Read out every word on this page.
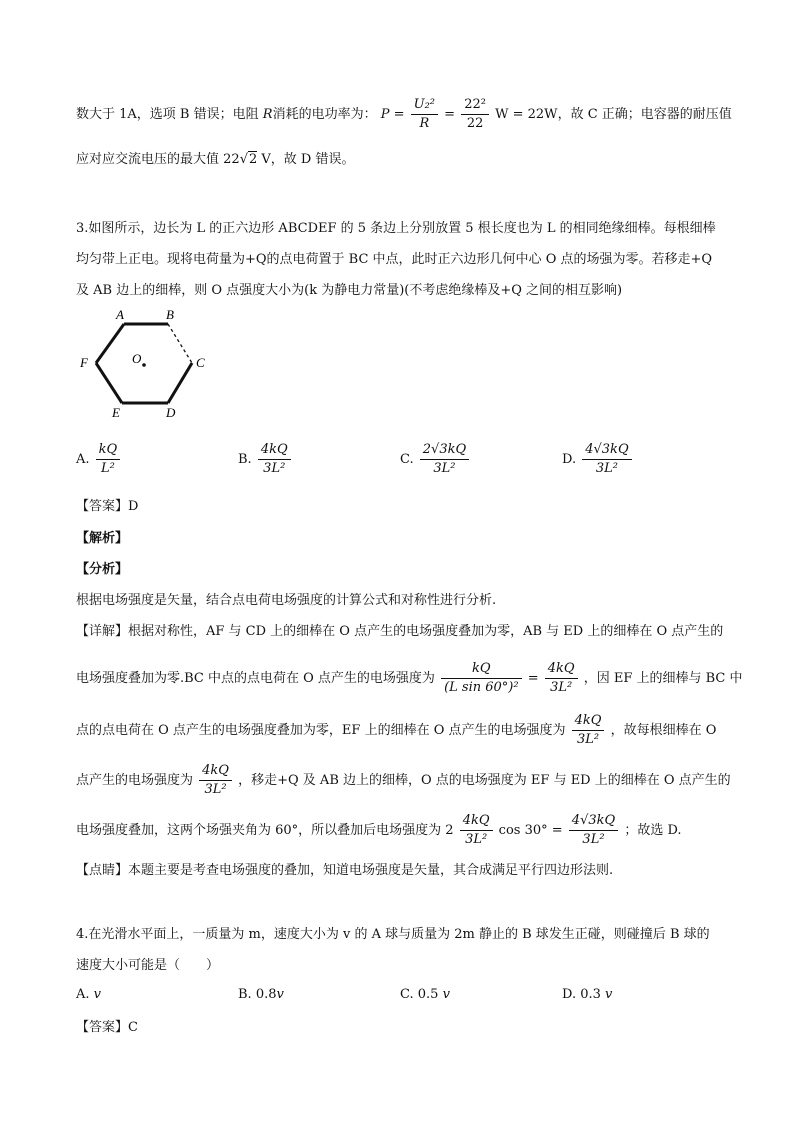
数大于 1A，选项 B 错误；电阻 R消耗的电功率为： $P = \frac{\text{U₂²}}{R} = \frac{\text{22²}}{22}$ W = 22W，故 C 正确；电容器的耐压值
应对应交流电压的最大值 22√2 V，故 D 错误。
3.如图所示，边长为 L 的正六边形 ABCDEF 的 5 条边上分别放置 5 根长度也为 L 的相同绝缘细棒。每根细棒
均匀带上正电。现将电荷量为+Q的点电荷置于 BC 中点，此时正六边形几何中心 O 点的场强为零。若移走+Q
及 AB 边上的细棒，则 O 点强度大小为(k 为静电力常量)(不考虑绝缘棒及+Q 之间的相互影响)
A	B
C
D
E
F	O
A. $\frac{kQ}{\text{L²}}$	B. $\frac{4kQ}{\text{3L²}}$	C. $\frac{2√3kQ}{\text{3L²}}$	D. $\frac{4√3kQ}{\text{3L²}}$
【答案】D
【解析】
【分析】
根据电场强度是矢量，结合点电荷电场强度的计算公式和对称性进行分析.
【详解】根据对称性，AF 与 CD 上的细棒在 O 点产生的电场强度叠加为零，AB 与 ED 上的细棒在 O 点产生的
电场强度叠加为零.BC 中点的点电荷在 O 点产生的电场强度为 $\frac{kQ}{\text{(L sin 60°)²}} = \frac{4kQ}{\text{3L²}}$ ，因 EF 上的细棒与 BC 中
点的点电荷在 O 点产生的电场强度叠加为零，EF 上的细棒在 O 点产生的电场强度为 $\frac{4kQ}{\text{3L²}}$ ，故每根细棒在 O
点产生的电场强度为 $\frac{4kQ}{\text{3L²}}$ ，移走+Q 及 AB 边上的细棒，O 点的电场强度为 EF 与 ED 上的细棒在 O 点产生的
电场强度叠加，这两个场强夹角为 60°，所以叠加后电场强度为 $2 \frac{4kQ}{\text{3L²}}$ $\cos 30^\circ = \frac{4√3kQ}{\text{3L²}}$ ；故选 D.
【点睛】本题主要是考查电场强度的叠加，知道电场强度是矢量，其合成满足平行四边形法则.
4.在光滑水平面上，一质量为 m，速度大小为 v 的 A 球与质量为 2m 静止的 B 球发生正碰，则碰撞后 B 球的
速度大小可能是（　　）
A. v	B. 0.8v	C. 0.5 v	D. 0.3 v
【答案】C
